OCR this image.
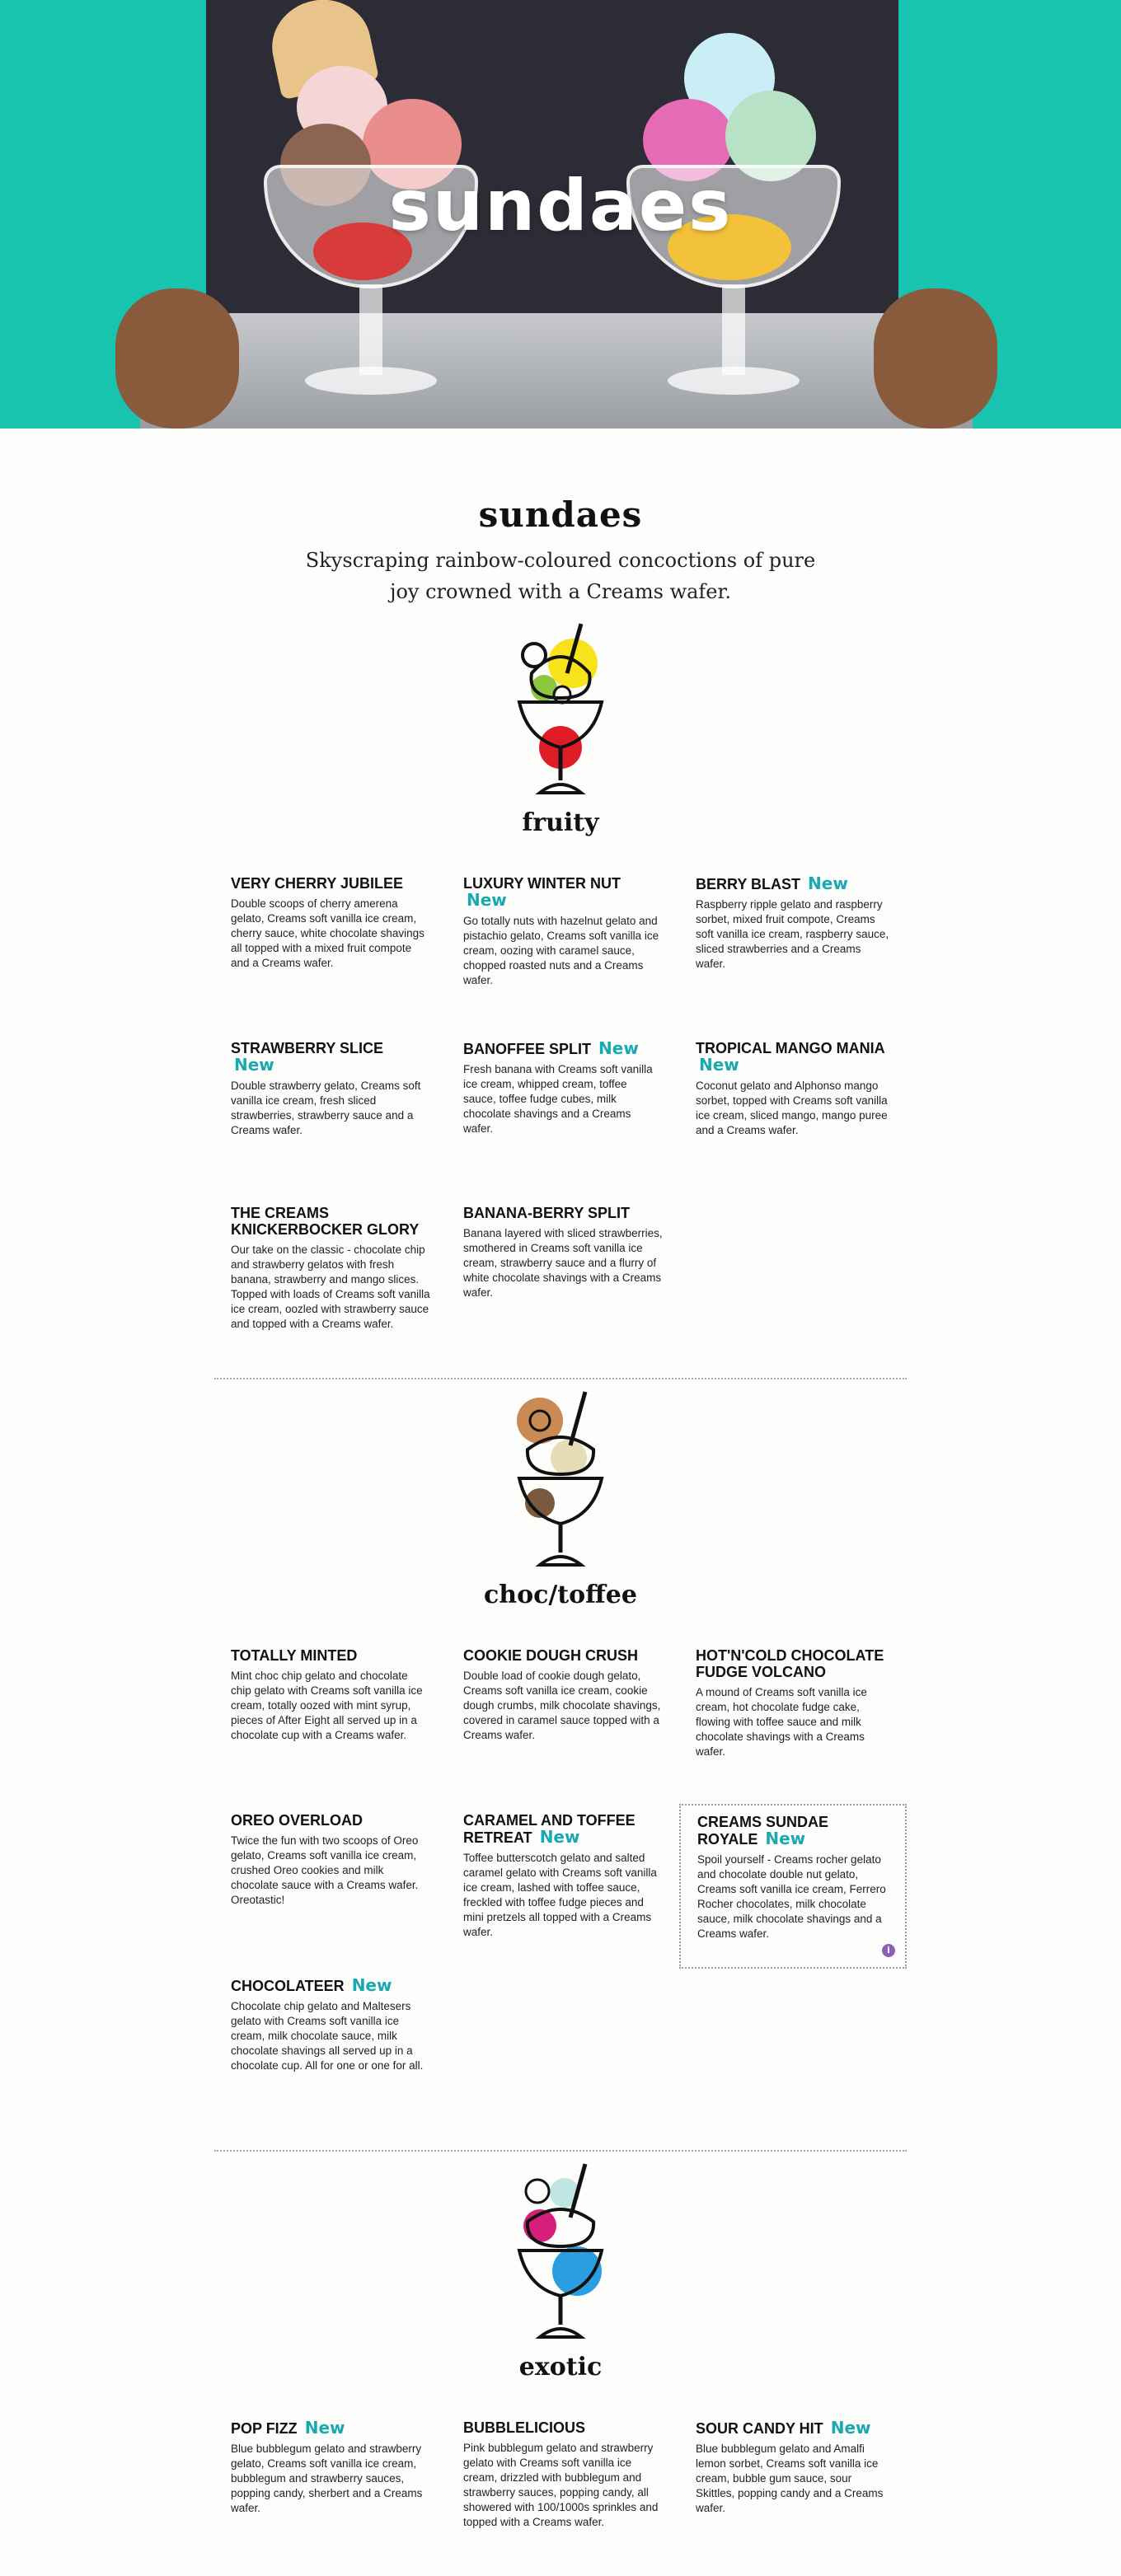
sundaes
sundaes

Skyscraping rainbow-coloured concoctions of pure joy crowned with a Creams wafer.

fruity
VERY CHERRY JUBILEE

Double scoops of cherry amerena gelato, Creams soft vanilla ice cream, cherry sauce, white chocolate shavings all topped with a mixed fruit compote and a Creams wafer.

LUXURY WINTER NUT New

Go totally nuts with hazelnut gelato and pistachio gelato, Creams soft vanilla ice cream, oozing with caramel sauce, chopped roasted nuts and a Creams wafer.

BERRY BLAST New

Raspberry ripple gelato and raspberry sorbet, mixed fruit compote, Creams soft vanilla ice cream, raspberry sauce, sliced strawberries and a Creams wafer.

STRAWBERRY SLICE New

Double strawberry gelato, Creams soft vanilla ice cream, fresh sliced strawberries, strawberry sauce and a Creams wafer.

BANOFFEE SPLIT New

Fresh banana with Creams soft vanilla ice cream, whipped cream, toffee sauce, toffee fudge cubes, milk chocolate shavings and a Creams wafer.

TROPICAL MANGO MANIA New

Coconut gelato and Alphonso mango sorbet, topped with Creams soft vanilla ice cream, sliced mango, mango puree and a Creams wafer.

THE CREAMS KNICKERBOCKER GLORY

Our take on the classic - chocolate chip and strawberry gelatos with fresh banana, strawberry and mango slices. Topped with loads of Creams soft vanilla ice cream, oozled with strawberry sauce and topped with a Creams wafer.

BANANA-BERRY SPLIT

Banana layered with sliced strawberries, smothered in Creams soft vanilla ice cream, strawberry sauce and a flurry of white chocolate shavings with a Creams wafer.

choc/toffee
TOTALLY MINTED

Mint choc chip gelato and chocolate chip gelato with Creams soft vanilla ice cream, totally oozed with mint syrup, pieces of After Eight all served up in a chocolate cup with a Creams wafer.

COOKIE DOUGH CRUSH

Double load of cookie dough gelato, Creams soft vanilla ice cream, cookie dough crumbs, milk chocolate shavings, covered in caramel sauce topped with a Creams wafer.

HOT'N'COLD CHOCOLATE FUDGE VOLCANO

A mound of Creams soft vanilla ice cream, hot chocolate fudge cake, flowing with toffee sauce and milk chocolate shavings with a Creams wafer.

OREO OVERLOAD

Twice the fun with two scoops of Oreo gelato, Creams soft vanilla ice cream, crushed Oreo cookies and milk chocolate sauce with a Creams wafer. Oreotastic!

CARAMEL AND TOFFEE RETREAT New

Toffee butterscotch gelato and salted caramel gelato with Creams soft vanilla ice cream, lashed with toffee sauce, freckled with toffee fudge pieces and mini pretzels all topped with a Creams wafer.

CREAMS SUNDAE ROYALE New

Spoil yourself - Creams rocher gelato and chocolate double nut gelato, Creams soft vanilla ice cream, Ferrero Rocher chocolates, milk chocolate sauce, milk chocolate shavings and a Creams wafer.

i
CHOCOLATEER New

Chocolate chip gelato and Maltesers gelato with Creams soft vanilla ice cream, milk chocolate sauce, milk chocolate shavings all served up in a chocolate cup. All for one or one for all.

exotic
POP FIZZ New

Blue bubblegum gelato and strawberry gelato, Creams soft vanilla ice cream, bubblegum and strawberry sauces, popping candy, sherbert and a Creams wafer.

BUBBLELICIOUS

Pink bubblegum gelato and strawberry gelato with Creams soft vanilla ice cream, drizzled with bubblegum and strawberry sauces, popping candy, all showered with 100/1000s sprinkles and topped with a Creams wafer.

SOUR CANDY HIT New

Blue bubblegum gelato and Amalfi lemon sorbet, Creams soft vanilla ice cream, bubble gum sauce, sour Skittles, popping candy and a Creams wafer.
